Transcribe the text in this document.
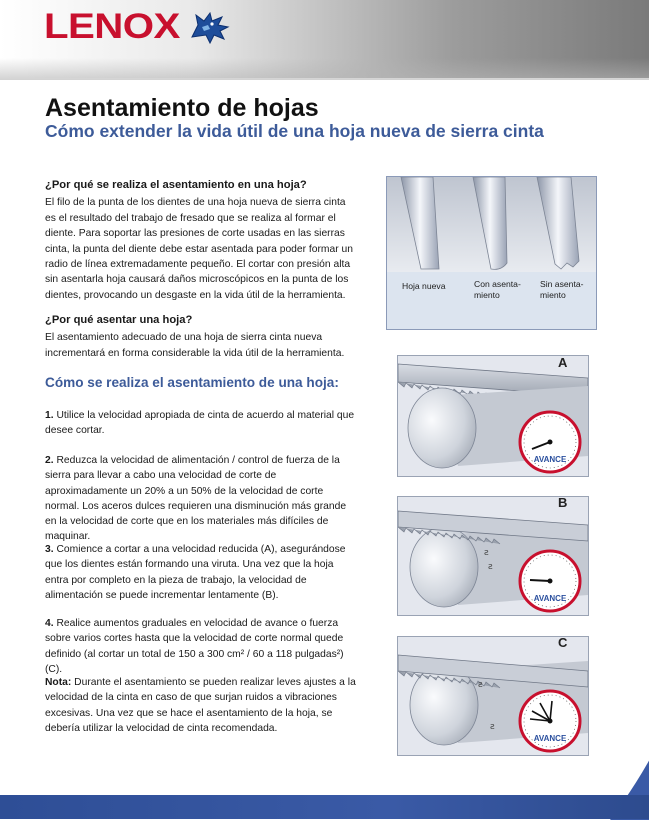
LENOX
Asentamiento de hojas
Cómo extender la vida útil de una hoja nueva de sierra cinta
¿Por qué se realiza el asentamiento en una hoja?

El filo de la punta de los dientes de una hoja nueva de sierra cinta es el resultado del trabajo de fresado que se realiza al formar el diente. Para soportar las presiones de corte usadas en las sierras cinta, la punta del diente debe estar asentada para poder formar un radio de línea extremadamente pequeño. El cortar con presión alta sin asentarla hoja causará daños microscópicos en la punta de los dientes, provocando un desgaste en la vida útil de la herramienta.

¿Por qué asentar una hoja?

El asentamiento adecuado de una hoja de sierra cinta nueva incrementará en forma considerable la vida útil de la herramienta.

Cómo se realiza el asentamiento de una hoja:

1. Utilice la velocidad apropiada de cinta de acuerdo al material que desee cortar.

2. Reduzca la velocidad de alimentación / control de fuerza de la sierra para llevar a cabo una velocidad de corte de aproximadamente un 20% a un 50% de la velocidad de corte normal. Los aceros dulces requieren una disminución más grande en la velocidad de corte que en los materiales más difíciles de maquinar.

3. Comience a cortar a una velocidad reducida (A), asegurándose que los dientes están formando una viruta. Una vez que la hoja entra por completo en la pieza de trabajo, la velocidad de alimentación se puede incrementar lentamente (B).

4. Realice aumentos graduales en velocidad de avance o fuerza sobre varios cortes hasta que la velocidad de corte normal quede definido (al cortar un total de 150 a 300 cm² / 60 a 118 pulgadas²) (C).

Nota: Durante el asentamiento se pueden realizar leves ajustes a la velocidad de la cinta en caso de que surjan ruidos a vibraciones excesivas. Una vez que se hace el asentamiento de la hoja, se debería utilizar la velocidad de cinta recomendada.

Hoja nueva	Con asenta-
miento
Sin asenta-
miento
AVANCE
A
ƨ
ƨ
AVANCE
B
ƨ
ƨ
AVANCE
C
